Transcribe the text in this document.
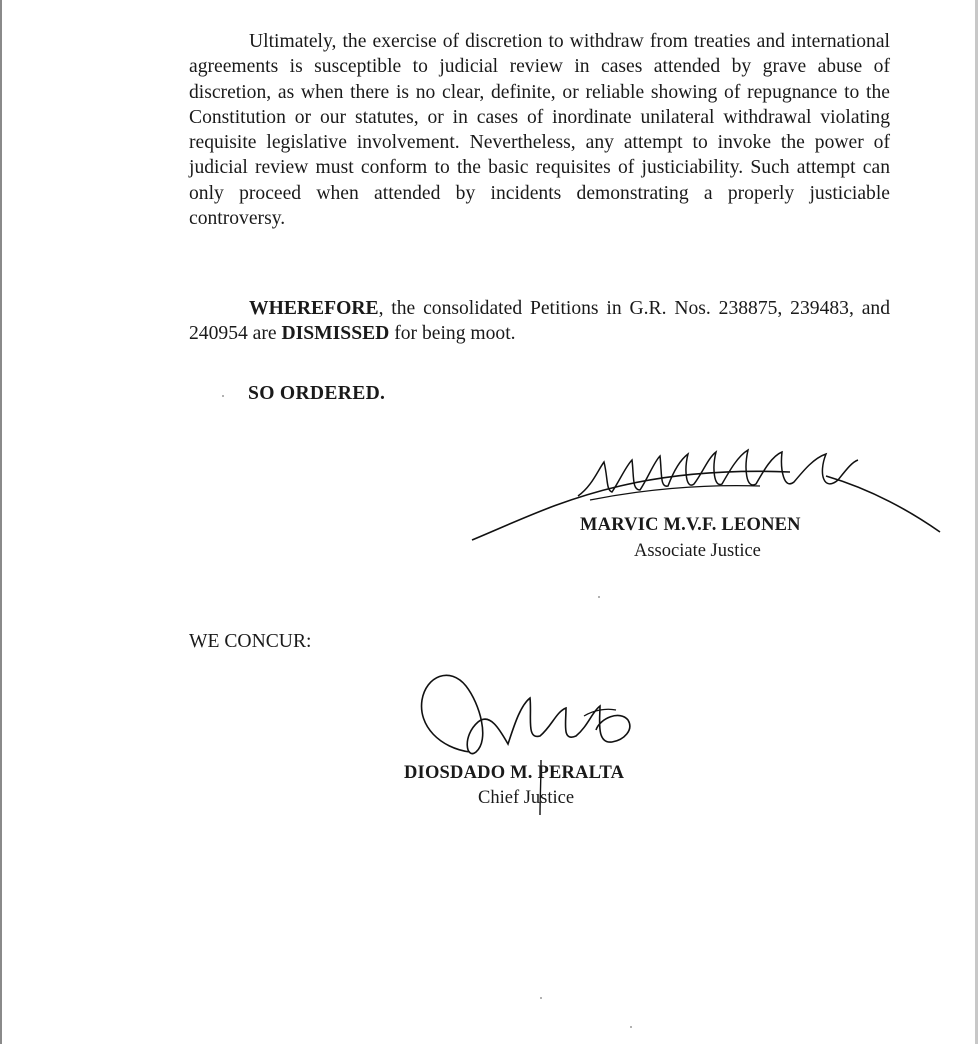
Ultimately, the exercise of discretion to withdraw from treaties and international agreements is susceptible to judicial review in cases attended by grave abuse of discretion, as when there is no clear, definite, or reliable showing of repugnance to the Constitution or our statutes, or in cases of inordinate unilateral withdrawal violating requisite legislative involvement. Nevertheless, any attempt to invoke the power of judicial review must conform to the basic requisites of justiciability. Such attempt can only proceed when attended by incidents demonstrating a properly justiciable controversy.

WHEREFORE, the consolidated Petitions in G.R. Nos. 238875, 239483, and 240954 are DISMISSED for being moot.

SO ORDERED.
MARVIC M.V.F. LEONEN
Associate Justice
WE CONCUR:
DIOSDADO M. PERALTA
Chief Justice
